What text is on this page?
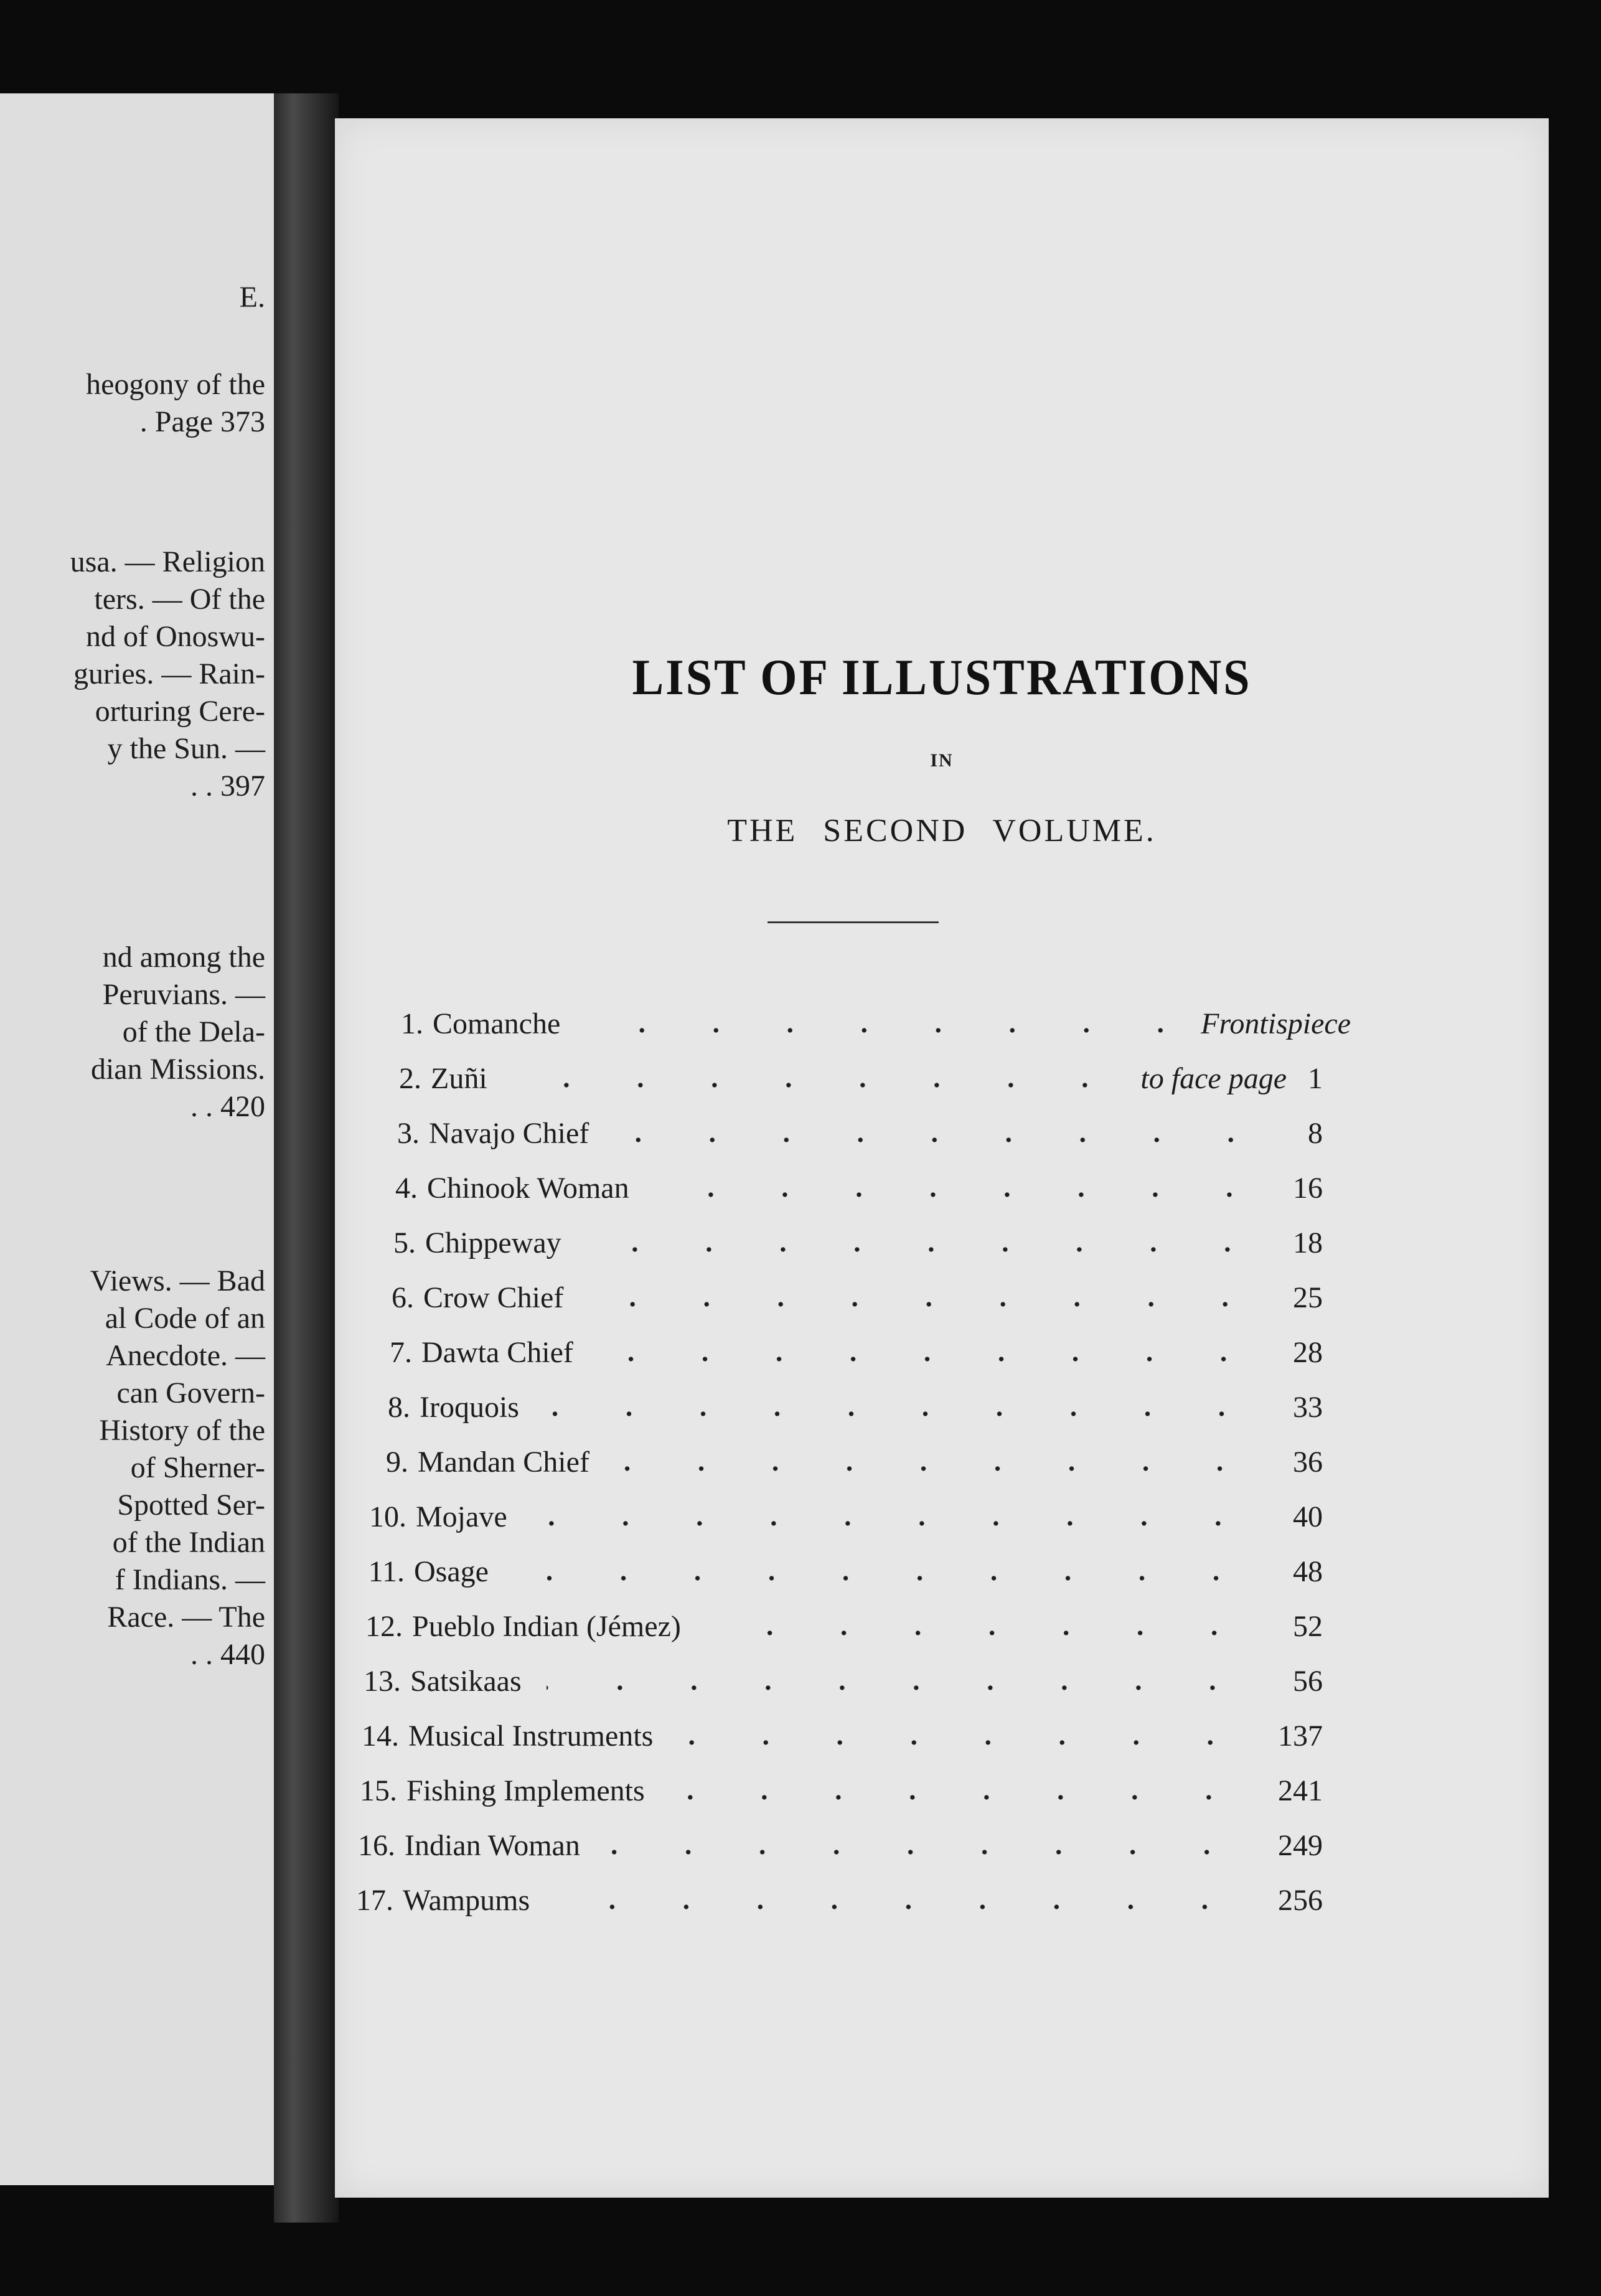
E.
heogony of the
. Page 373
usa. — Religion
ters. — Of the
nd of Onoswu-
guries. — Rain-
orturing Cere-
y the Sun. —
. . 397
nd among the
Peruvians. —
of the Dela-
dian Missions.
. . 420
Views. — Bad
al Code of an
Anecdote. —
can Govern-
History of the
of Sherner-
Spotted Ser-
of the Indian
f Indians. —
Race. — The
. . 440
LIST OF ILLUSTRATIONS
IN
THE SECOND VOLUME.
1. Comanche	Frontispiece
2. Zuñi	to face page 1
3. Navajo Chief	8
4. Chinook Woman	16
5. Chippeway	18
6. Crow Chief	25
7. Dawta Chief	28
8. Iroquois	33
9. Mandan Chief	36
10. Mojave	40
11. Osage	48
12. Pueblo Indian (Jémez)	52
13. Satsikaas	56
14. Musical Instruments	137
15. Fishing Implements	241
16. Indian Woman	249
17. Wampums	256
